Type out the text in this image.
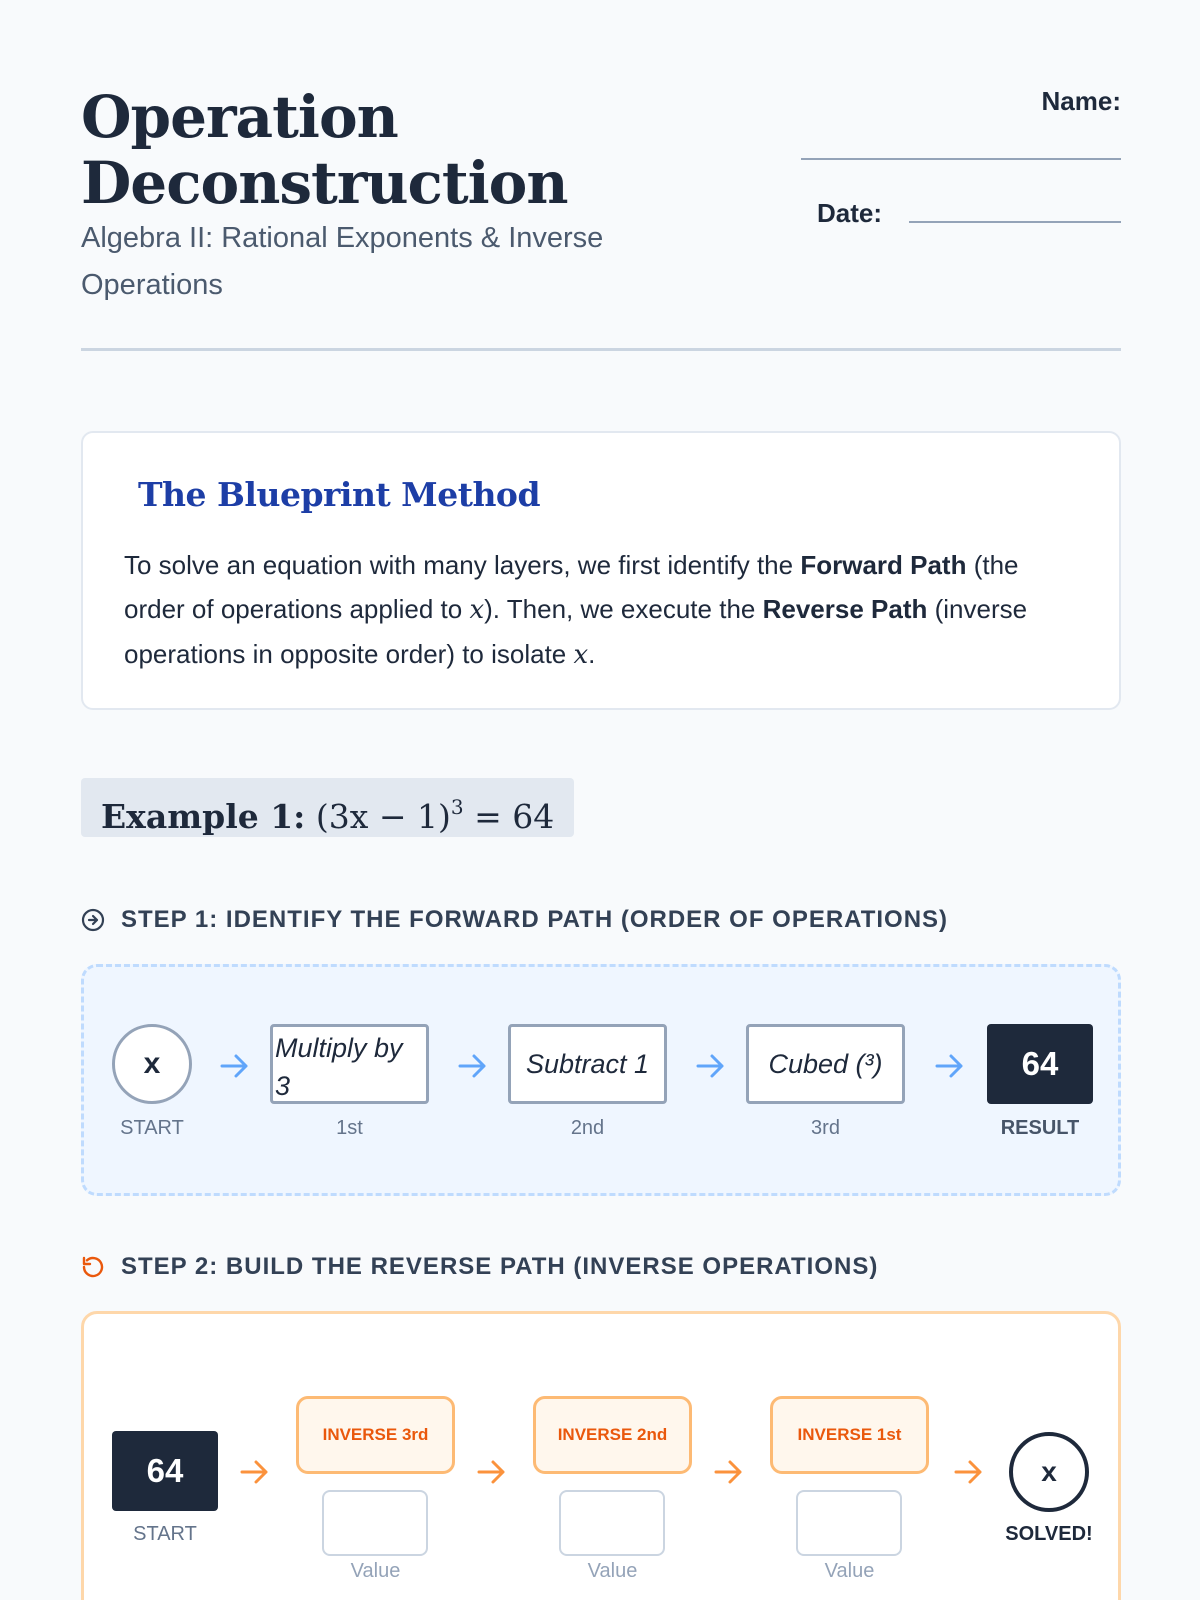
Operation Deconstruction
Algebra II: Rational Exponents & Inverse Operations
Name:
Date:
The Blueprint Method
To solve an equation with many layers, we first identify the Forward Path (the order of operations applied to x). Then, we execute the Reverse Path (inverse operations in opposite order) to isolate x.
Example 1: $(3x - 1)^3 = 64$
STEP 1: IDENTIFY THE FORWARD PATH (ORDER OF OPERATIONS)
x
START
Multiply by 3
1st
Subtract 1
2nd
Cubed (³)
3rd
64
RESULT
STEP 2: BUILD THE REVERSE PATH (INVERSE OPERATIONS)
64
START
INVERSE 3rd
Value
INVERSE 2nd
Value
INVERSE 1st
Value
x
SOLVED!
